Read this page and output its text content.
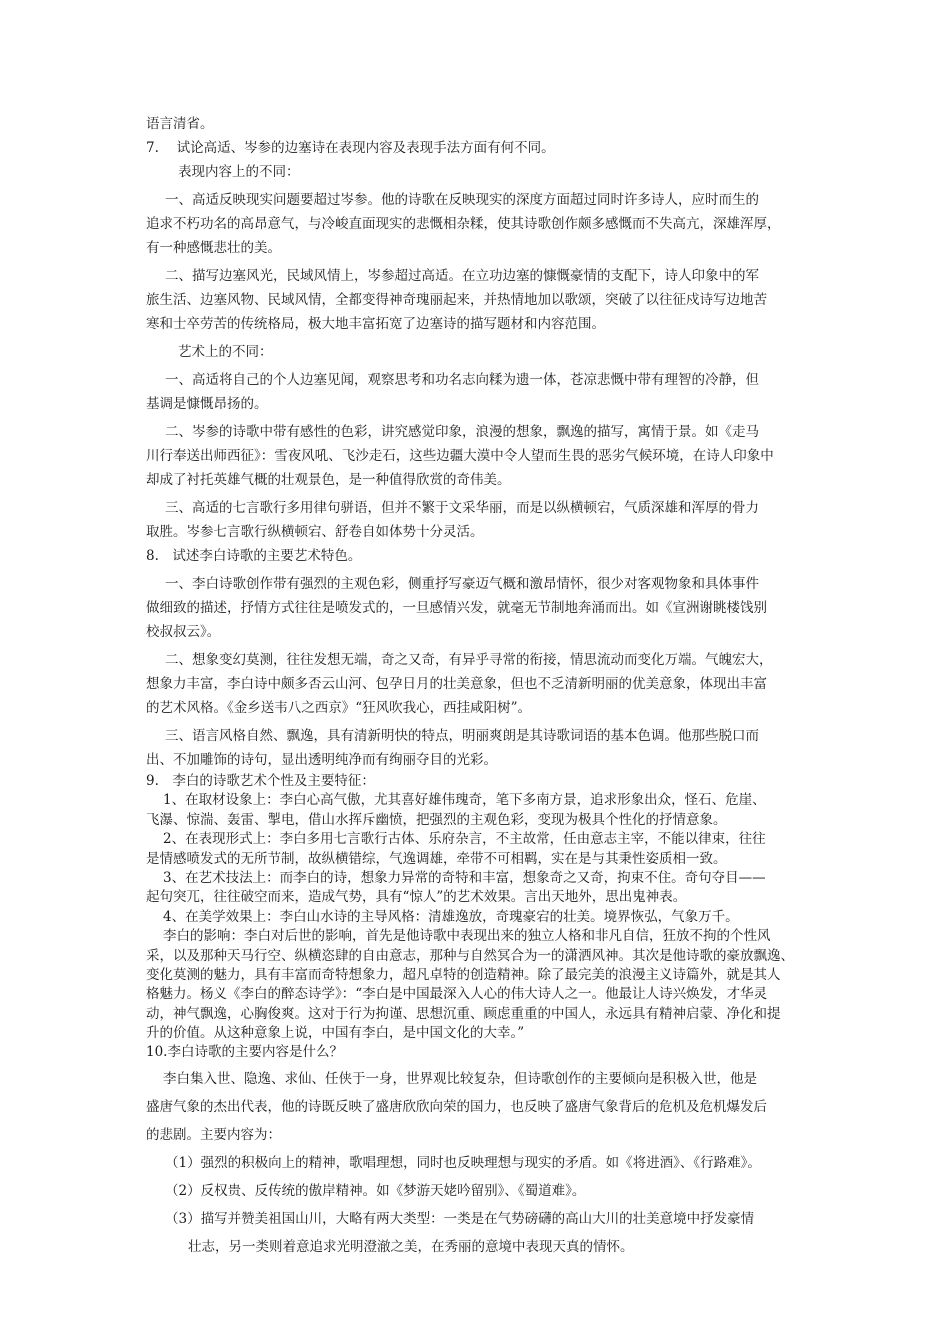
语言清省。
7.　 试论高适、岑参的边塞诗在表现内容及表现手法方面有何不同。
表现内容上的不同：
一、高适反映现实问题要超过岑参。他的诗歌在反映现实的深度方面超过同时许多诗人，应时而生的
追求不朽功名的高昂意气，与冷峻直面现实的悲慨相杂糅，使其诗歌创作颇多感慨而不失高亢，深雄浑厚，
有一种感慨悲壮的美。
二、描写边塞风光，民域风情上，岑参超过高适。在立功边塞的慷慨豪情的支配下，诗人印象中的军
旅生活、边塞风物、民域风情，全都变得神奇瑰丽起来，并热情地加以歌颂，突破了以往征戍诗写边地苦
寒和士卒劳苦的传统格局，极大地丰富拓宽了边塞诗的描写题材和内容范围。
艺术上的不同：
一、高适将自己的个人边塞见闻，观察思考和功名志向糅为遗一体，苍凉悲慨中带有理智的冷静，但
基调是慷慨昂扬的。
二、岑参的诗歌中带有感性的色彩，讲究感觉印象，浪漫的想象，飘逸的描写，寓情于景。如《走马
川行奉送出师西征》：雪夜风吼、飞沙走石，这些边疆大漠中令人望而生畏的恶劣气候环境，在诗人印象中
却成了衬托英雄气概的壮观景色，是一种值得欣赏的奇伟美。
三、高适的七言歌行多用律句骈语，但并不繁于文采华丽，而是以纵横顿宕，气质深雄和浑厚的骨力
取胜。岑参七言歌行纵横顿宕、舒卷自如体势十分灵活。
8.　试述李白诗歌的主要艺术特色。
一、李白诗歌创作带有强烈的主观色彩，侧重抒写豪迈气概和激昂情怀，很少对客观物象和具体事件
做细致的描述，抒情方式往往是喷发式的，一旦感情兴发，就毫无节制地奔涌而出。如《宣洲谢眺楼饯别
校叔叔云》。
二、想象变幻莫测，往往发想无端，奇之又奇，有异乎寻常的衔接，情思流动而变化万端。气魄宏大，
想象力丰富，李白诗中颇多否云山河、包孕日月的壮美意象，但也不乏清新明丽的优美意象，体现出丰富
的艺术风格。《金乡送韦八之西京》“狂风吹我心，西挂咸阳树”。
三、语言风格自然、飘逸，具有清新明快的特点，明丽爽朗是其诗歌词语的基本色调。他那些脱口而
出、不加雕饰的诗句，显出透明纯净而有绚丽夺目的光彩。
9.　李白的诗歌艺术个性及主要特征：
1、在取材设象上：李白心高气傲，尤其喜好雄伟瑰奇，笔下多南方景，追求形象出众，怪石、危崖、
飞瀑、惊湍、轰雷、掣电，借山水挥斥幽愤，把强烈的主观色彩，变现为极具个性化的抒情意象。
2、在表现形式上：李白多用七言歌行古体、乐府杂言，不主故常，任由意志主宰，不能以律束，往往
是情感喷发式的无所节制，故纵横错综，气逸调雄，牵带不可相羁，实在是与其秉性姿质相一致。
3、在艺术技法上：而李白的诗，想象力异常的奇特和丰富，想象奇之又奇，拘束不住。奇句夺目——
起句突兀，往往破空而来，造成气势，具有“惊人”的艺术效果。言出天地外，思出鬼神表。
4、在美学效果上：李白山水诗的主导风格：清雄逸放，奇瑰豪宕的壮美。境界恢弘，气象万千。
李白的影响：李白对后世的影响，首先是他诗歌中表现出来的独立人格和非凡自信，狂放不拘的个性风
采，以及那种天马行空、纵横恣肆的自由意志，那种与自然冥合为一的潇洒风神。其次是他诗歌的豪放飘逸、
变化莫测的魅力，具有丰富而奇特想象力，超凡卓特的创造精神。除了最完美的浪漫主义诗篇外，就是其人
格魅力。杨义《李白的醉态诗学》：“李白是中国最深入人心的伟大诗人之一。他最让人诗兴焕发，才华灵
动，神气飘逸，心胸俊爽。这对于行为拘谨、思想沉重、顾虑重重的中国人，永远具有精神启蒙、净化和提
升的价值。从这种意象上说，中国有李白，是中国文化的大幸。”
10.李白诗歌的主要内容是什么？
李白集入世、隐逸、求仙、任侠于一身，世界观比较复杂，但诗歌创作的主要倾向是积极入世，他是
盛唐气象的杰出代表，他的诗既反映了盛唐欣欣向荣的国力，也反映了盛唐气象背后的危机及危机爆发后
的悲剧。主要内容为：
（1）强烈的积极向上的精神，歌唱理想，同时也反映理想与现实的矛盾。如《将进酒》、《行路难》。
（2）反权贵、反传统的傲岸精神。如《梦游天姥吟留别》、《蜀道难》。
（3）描写并赞美祖国山川，大略有两大类型：一类是在气势磅礴的高山大川的壮美意境中抒发豪情
壮志，另一类则着意追求光明澄澈之美，在秀丽的意境中表现天真的情怀。
